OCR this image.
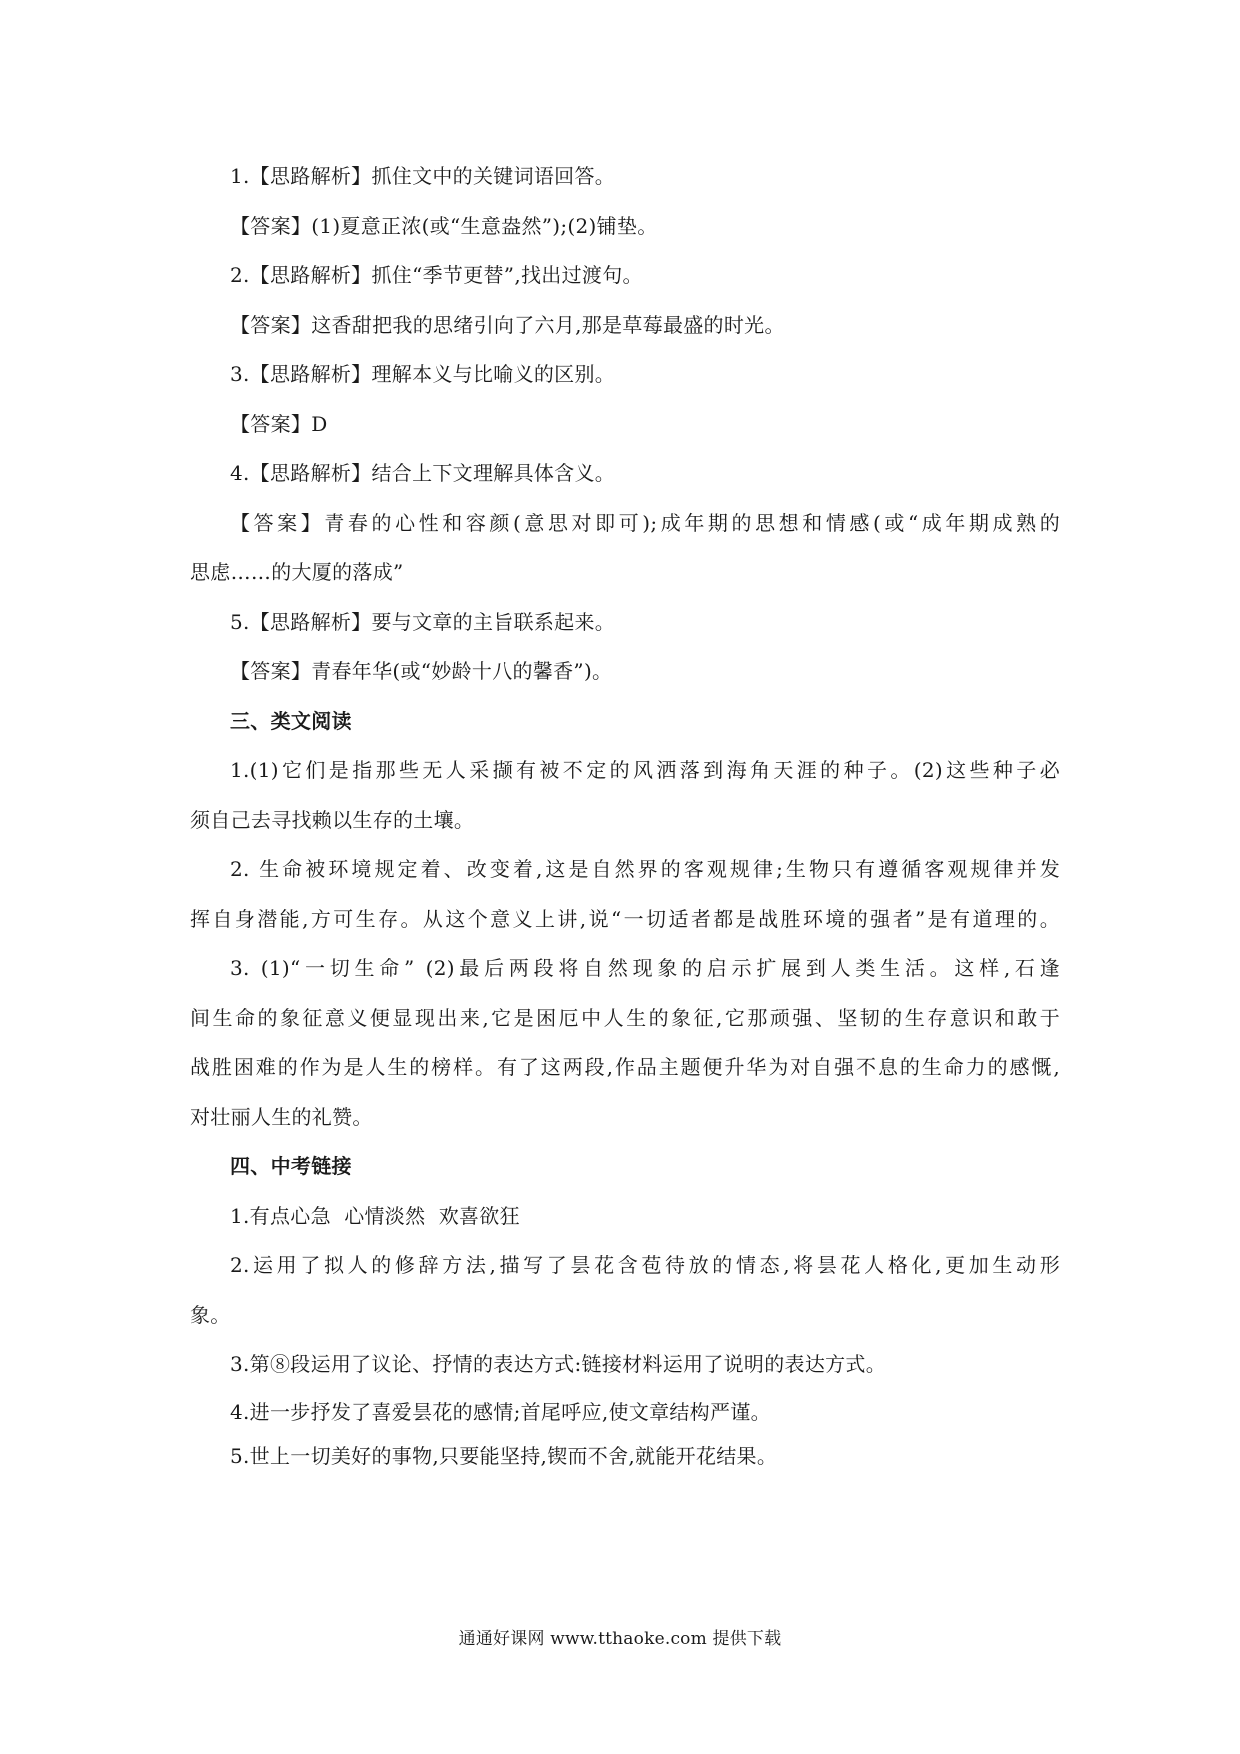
1.【思路解析】抓住文中的关键词语回答。
【答案】(1)夏意正浓(或“生意盎然”);(2)铺垫。
2.【思路解析】抓住“季节更替”,找出过渡句。
【答案】这香甜把我的思绪引向了六月,那是草莓最盛的时光。
3.【思路解析】理解本义与比喻义的区别。
【答案】D
4.【思路解析】结合上下文理解具体含义。
【答案】青春的心性和容颜(意思对即可);成年期的思想和情感(或“成年期成熟的
思虑……的大厦的落成”
5.【思路解析】要与文章的主旨联系起来。
【答案】青春年华(或“妙龄十八的馨香”)。
三、类文阅读
1.(1)它们是指那些无人采撷有被不定的风洒落到海角天涯的种子。(2)这些种子必
须自己去寻找赖以生存的土壤。
2. 生命被环境规定着、改变着,这是自然界的客观规律;生物只有遵循客观规律并发
挥自身潜能,方可生存。从这个意义上讲,说“一切适者都是战胜环境的强者”是有道理的。
3. (1)“一切生命” (2)最后两段将自然现象的启示扩展到人类生活。这样,石逢
间生命的象征意义便显现出来,它是困厄中人生的象征,它那顽强、坚韧的生存意识和敢于
战胜困难的作为是人生的榜样。有了这两段,作品主题便升华为对自强不息的生命力的感慨,
对壮丽人生的礼赞。
四、中考链接
1.有点心急  心情淡然  欢喜欲狂
2.运用了拟人的修辞方法,描写了昙花含苞待放的情态,将昙花人格化,更加生动形
象。
3.第⑧段运用了议论、抒情的表达方式:链接材料运用了说明的表达方式。
4.进一步抒发了喜爱昙花的感情;首尾呼应,使文章结构严谨。
5.世上一切美好的事物,只要能坚持,锲而不舍,就能开花结果。
通通好课网 www.tthaoke.com 提供下载
